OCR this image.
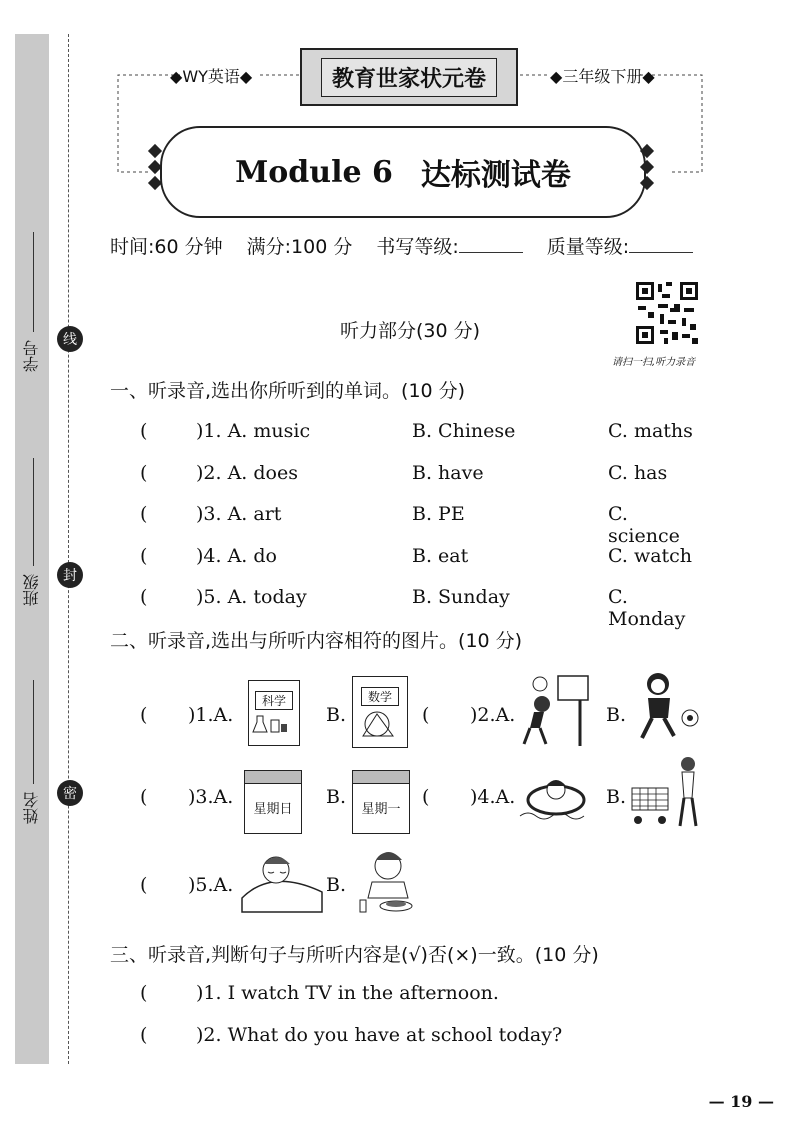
学号
班级
姓名
线
封
密
◆WY英语◆	教育世家状元卷	◆三年级下册◆
Module 6 达标测试卷
时间:60 分钟 满分:100 分 书写等级:	质量等级:
请扫一扫,听力录音
听力部分(30 分)
一、听录音,选出你所听到的单词。(10 分)
(	)1. A. music	B. Chinese	C. maths
(	)2. A. does	B. have	C. has
(	)3. A. art	B. PE	C. science
(	)4. A. do	B. eat	C. watch
(	)5. A. today	B. Sunday	C. Monday
二、听录音,选出与所听内容相符的图片。(10 分)
( )1.A.
科学
B.
数学
( )2.A.	B.
( )3.A.
星期日
B.
星期一
( )4.A.	B.
( )5.A.	B.
三、听录音,判断句子与所听内容是(√)否(×)一致。(10 分)
(	)1. I watch TV in the afternoon.
(	)2. What do you have at school today?
— 19 —
